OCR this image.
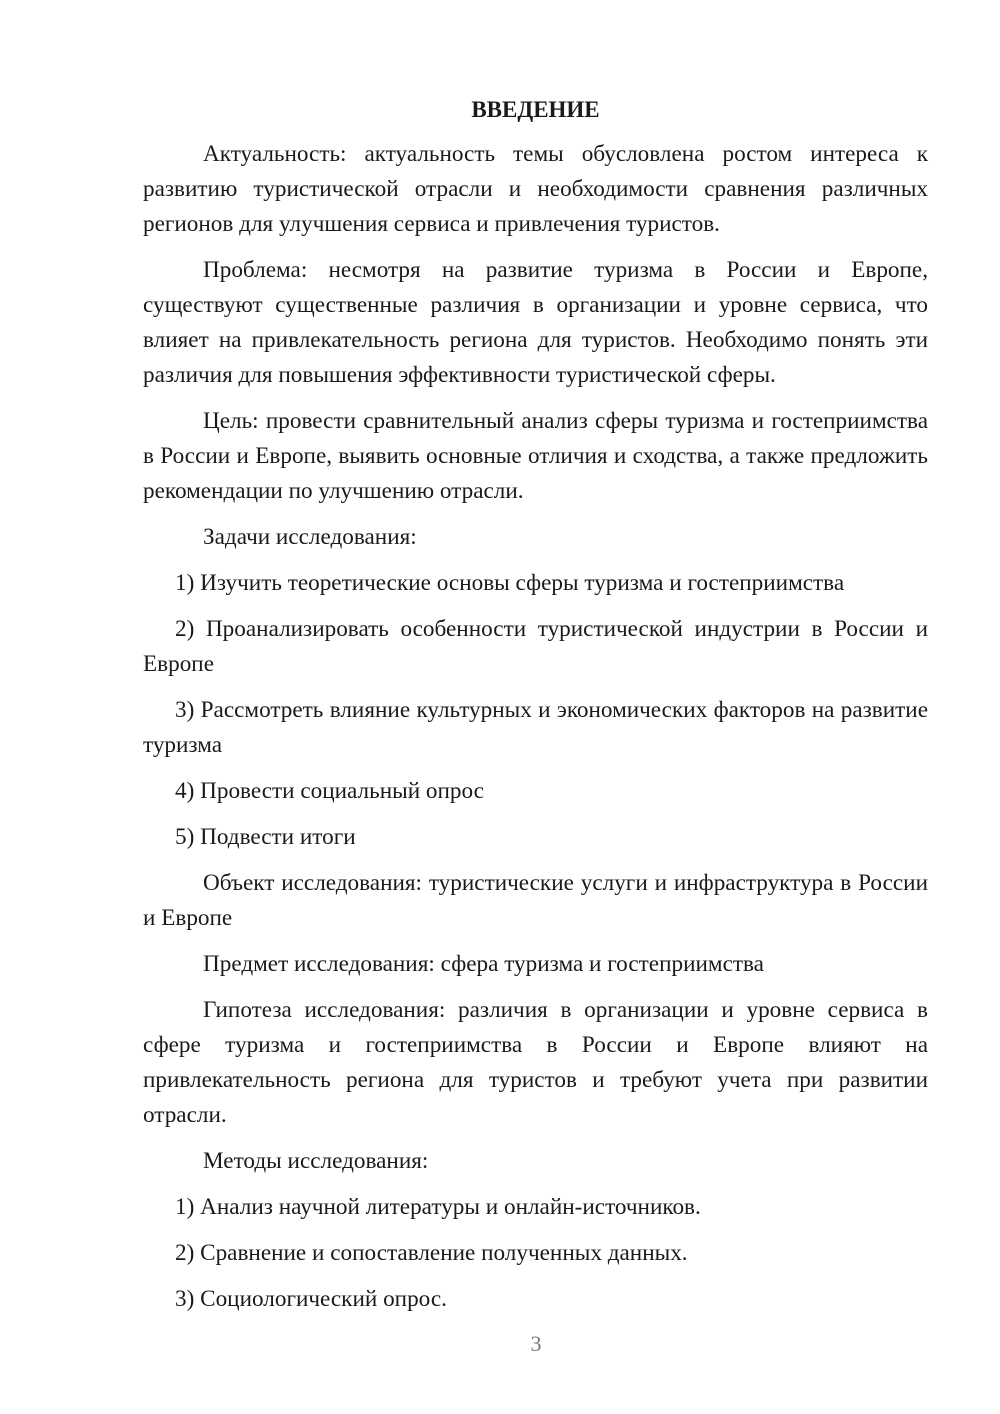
ВВЕДЕНИЕ

Актуальность: актуальность темы обусловлена ростом интереса к развитию туристической отрасли и необходимости сравнения различных регионов для улучшения сервиса и привлечения туристов.

Проблема: несмотря на развитие туризма в России и Европе, существуют существенные различия в организации и уровне сервиса, что влияет на привлекательность региона для туристов. Необходимо понять эти различия для повышения эффективности туристической сферы.

Цель: провести сравнительный анализ сферы туризма и гостеприимства в России и Европе, выявить основные отличия и сходства, а также предложить рекомендации по улучшению отрасли.

Задачи исследования:

1) Изучить теоретические основы сферы туризма и гостеприимства

2) Проанализировать особенности туристической индустрии в России и Европе

3) Рассмотреть влияние культурных и экономических факторов на развитие туризма

4) Провести социальный опрос

5) Подвести итоги

Объект исследования: туристические услуги и инфраструктура в России и Европе

Предмет исследования: сфера туризма и гостеприимства

Гипотеза исследования: различия в организации и уровне сервиса в сфере туризма и гостеприимства в России и Европе влияют на привлекательность региона для туристов и требуют учета при развитии отрасли.

Методы исследования:

1) Анализ научной литературы и онлайн-источников.

2) Сравнение и сопоставление полученных данных.

3) Социологический опрос.

3
